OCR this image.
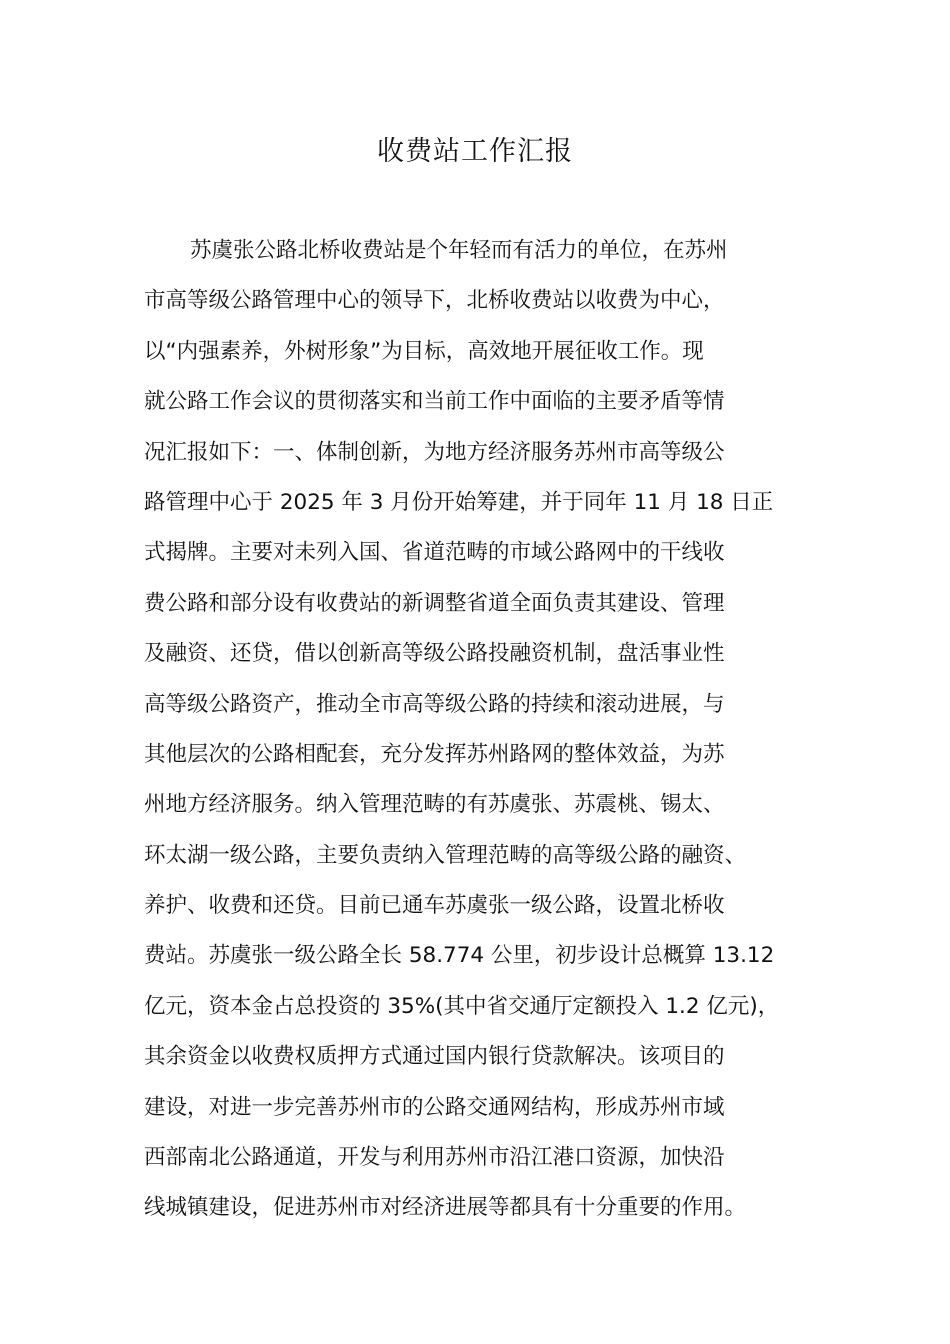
收费站工作汇报
苏虞张公路北桥收费站是个年轻而有活力的单位，在苏州
市高等级公路管理中心的领导下，北桥收费站以收费为中心，
以“内强素养，外树形象”为目标，高效地开展征收工作。现
就公路工作会议的贯彻落实和当前工作中面临的主要矛盾等情
况汇报如下：一、体制创新，为地方经济服务苏州市高等级公
路管理中心于 2025 年 3 月份开始筹建，并于同年 11 月 18 日正
式揭牌。主要对未列入国、省道范畴的市域公路网中的干线收
费公路和部分设有收费站的新调整省道全面负责其建设、管理
及融资、还贷，借以创新高等级公路投融资机制，盘活事业性
高等级公路资产，推动全市高等级公路的持续和滚动进展，与
其他层次的公路相配套，充分发挥苏州路网的整体效益，为苏
州地方经济服务。纳入管理范畴的有苏虞张、苏震桃、锡太、
环太湖一级公路，主要负责纳入管理范畴的高等级公路的融资、
养护、收费和还贷。目前已通车苏虞张一级公路，设置北桥收
费站。苏虞张一级公路全长 58.774 公里，初步设计总概算 13.12
亿元，资本金占总投资的 35%(其中省交通厅定额投入 1.2 亿元)，
其余资金以收费权质押方式通过国内银行贷款解决。该项目的
建设，对进一步完善苏州市的公路交通网结构，形成苏州市域
西部南北公路通道，开发与利用苏州市沿江港口资源，加快沿
线城镇建设，促进苏州市对经济进展等都具有十分重要的作用。
